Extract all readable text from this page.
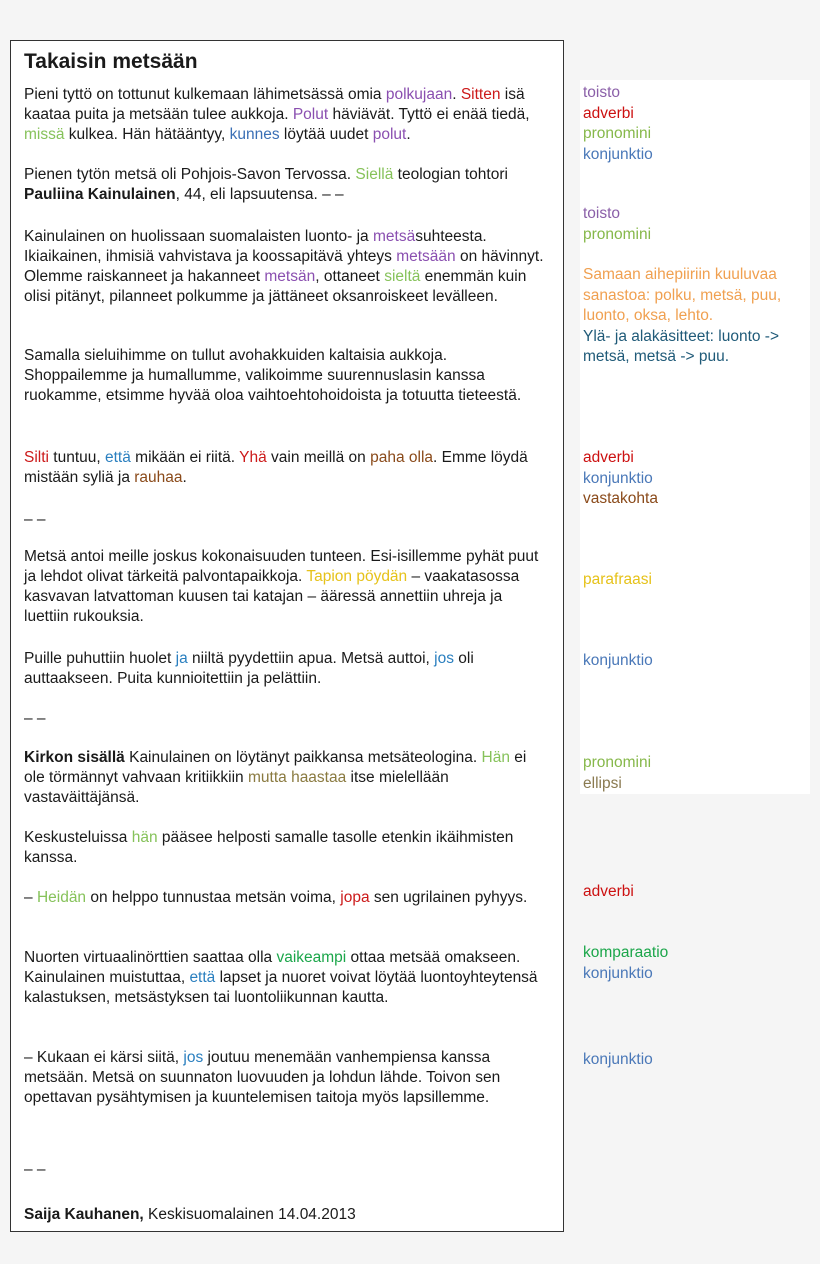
Takaisin metsään

Pieni tyttö on tottunut kulkemaan lähimetsässä omia polkujaan. Sitten isä kaataa puita ja metsään tulee aukkoja. Polut häviävät. Tyttö ei enää tiedä, missä kulkea. Hän hätääntyy, kunnes löytää uudet polut.

Pienen tytön metsä oli Pohjois-Savon Tervossa. Siellä teologian tohtori Pauliina Kainulainen, 44, eli lapsuutensa. – –

Kainulainen on huolissaan suomalaisten luonto- ja metsäsuhteesta. Ikiaikainen, ihmisiä vahvistava ja koossapitävä yhteys metsään on hävinnyt. Olemme raiskanneet ja hakanneet metsän, ottaneet sieltä enemmän kuin olisi pitänyt, pilanneet polkumme ja jättäneet oksanroiskeet levälleen.

Samalla sieluihimme on tullut avohakkuiden kaltaisia aukkoja. Shoppailemme ja humallumme, valikoimme suurennuslasin kanssa ruokamme, etsimme hyvää oloa vaihtoehtohoidoista ja totuutta tieteestä.

Silti tuntuu, että mikään ei riitä. Yhä vain meillä on paha olla. Emme löydä mistään syliä ja rauhaa.

– –

Metsä antoi meille joskus kokonaisuuden tunteen. Esi-isillemme pyhät puut ja lehdot olivat tärkeitä palvontapaikkoja. Tapion pöydän – vaakatasossa kasvavan latvattoman kuusen tai katajan – ääressä annettiin uhreja ja luettiin rukouksia.

Puille puhuttiin huolet ja niiltä pyydettiin apua. Metsä auttoi, jos oli auttaakseen. Puita kunnioitettiin ja pelättiin.

– –

Kirkon sisällä Kainulainen on löytänyt paikkansa metsäteologina. Hän ei ole törmännyt vahvaan kritiikkiin mutta haastaa itse mielellään vastaväittäjänsä.

Keskusteluissa hän pääsee helposti samalle tasolle etenkin ikäihmisten kanssa.

– Heidän on helppo tunnustaa metsän voima, jopa sen ugrilainen pyhyys.

Nuorten virtuaalinörttien saattaa olla vaikeampi ottaa metsää omakseen. Kainulainen muistuttaa, että lapset ja nuoret voivat löytää luontoyhteytensä kalastuksen, metsästyksen tai luontoliikunnan kautta.

– Kukaan ei kärsi siitä, jos joutuu menemään vanhempiensa kanssa metsään. Metsä on suunnaton luovuuden ja lohdun lähde. Toivon sen opettavan pysähtymisen ja kuuntelemisen taitoja myös lapsillemme.

– –

Saija Kauhanen, Keskisuomalainen 14.04.2013

toisto
adverbi
pronomini
konjunktio
toisto
pronomini
Samaan aihepiiriin kuuluvaa sanastoa: polku, metsä, puu, luonto, oksa, lehto.
Ylä- ja alakäsitteet: luonto -> metsä, metsä -> puu.
adverbi
konjunktio
vastakohta
parafraasi
konjunktio
pronomini
ellipsi
adverbi
komparaatio
konjunktio
konjunktio
